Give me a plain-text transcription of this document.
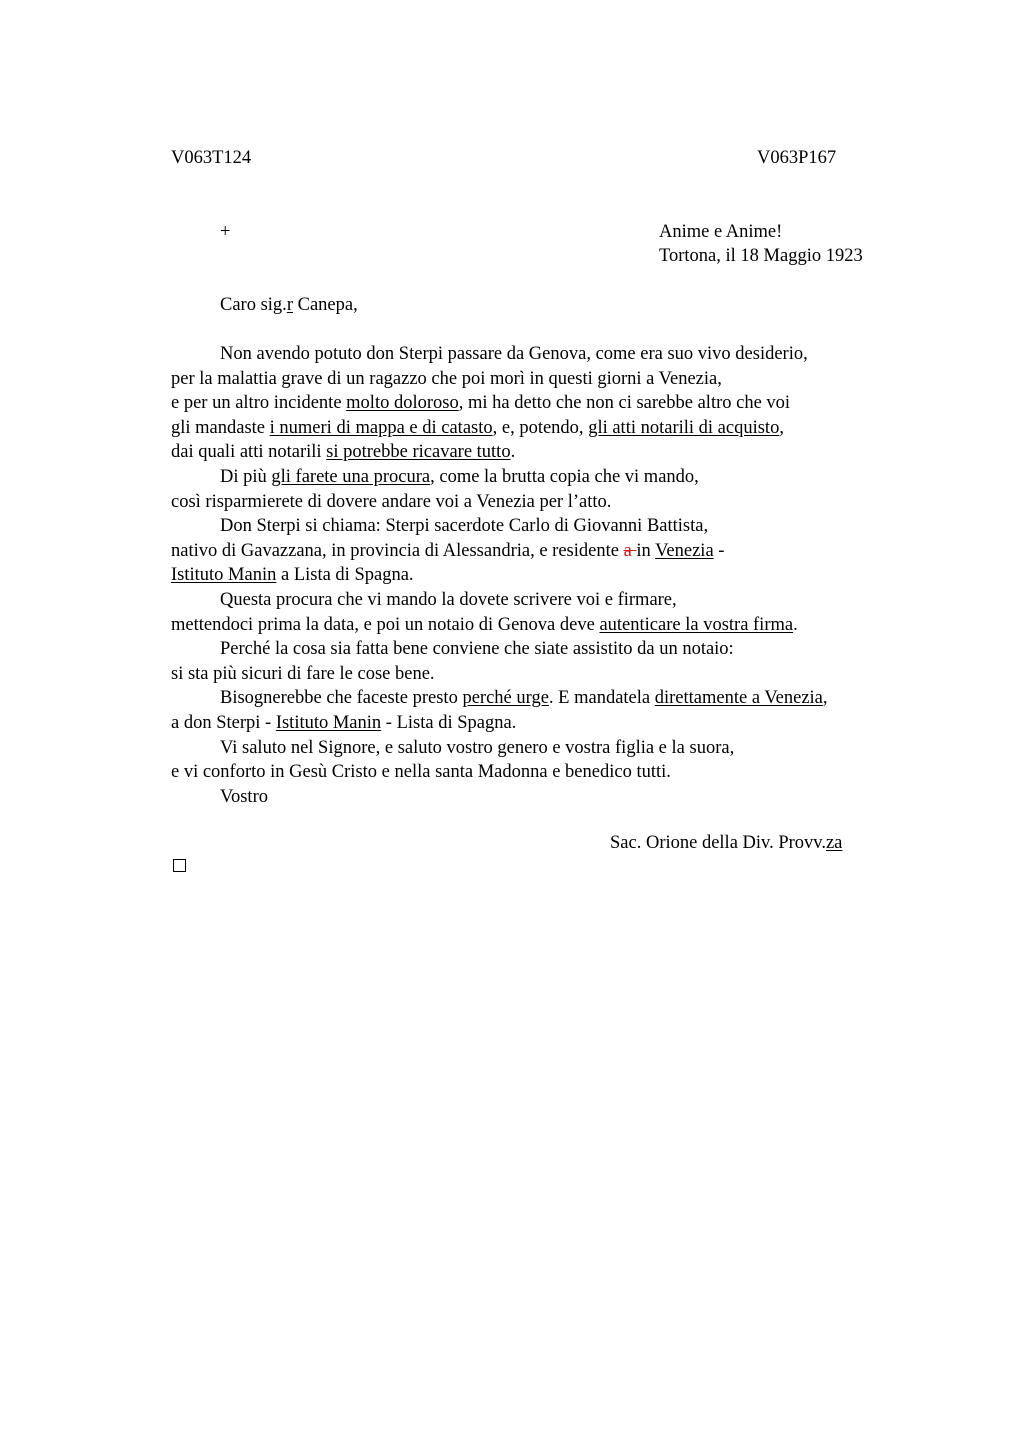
V063T124	V063P167
+	Anime e Anime!
Tortona, il 18 Maggio 1923
Caro sig.r Canepa,
Non avendo potuto don Sterpi passare da Genova, come era suo vivo desiderio,
per la malattia grave di un ragazzo che poi morì in questi giorni a Venezia,
e per un altro incidente molto doloroso, mi ha detto che non ci sarebbe altro che voi
gli mandaste i numeri di mappa e di catasto, e, potendo, gli atti notarili di acquisto,
dai quali atti notarili si potrebbe ricavare tutto.
Di più gli farete una procura, come la brutta copia che vi mando,
così risparmierete di dovere andare voi a Venezia per l’atto.
Don Sterpi si chiama: Sterpi sacerdote Carlo di Giovanni Battista,
nativo di Gavazzana, in provincia di Alessandria, e residente a in Venezia -
Istituto Manin a Lista di Spagna.
Questa procura che vi mando la dovete scrivere voi e firmare,
mettendoci prima la data, e poi un notaio di Genova deve autenticare la vostra firma.
Perché la cosa sia fatta bene conviene che siate assistito da un notaio:
si sta più sicuri di fare le cose bene.
Bisognerebbe che faceste presto perché urge. E mandatela direttamente a Venezia,
a don Sterpi - Istituto Manin - Lista di Spagna.
Vi saluto nel Signore, e saluto vostro genero e vostra figlia e la suora,
e vi conforto in Gesù Cristo e nella santa Madonna e benedico tutti.
Vostro
Sac. Orione della Div. Provv.za
